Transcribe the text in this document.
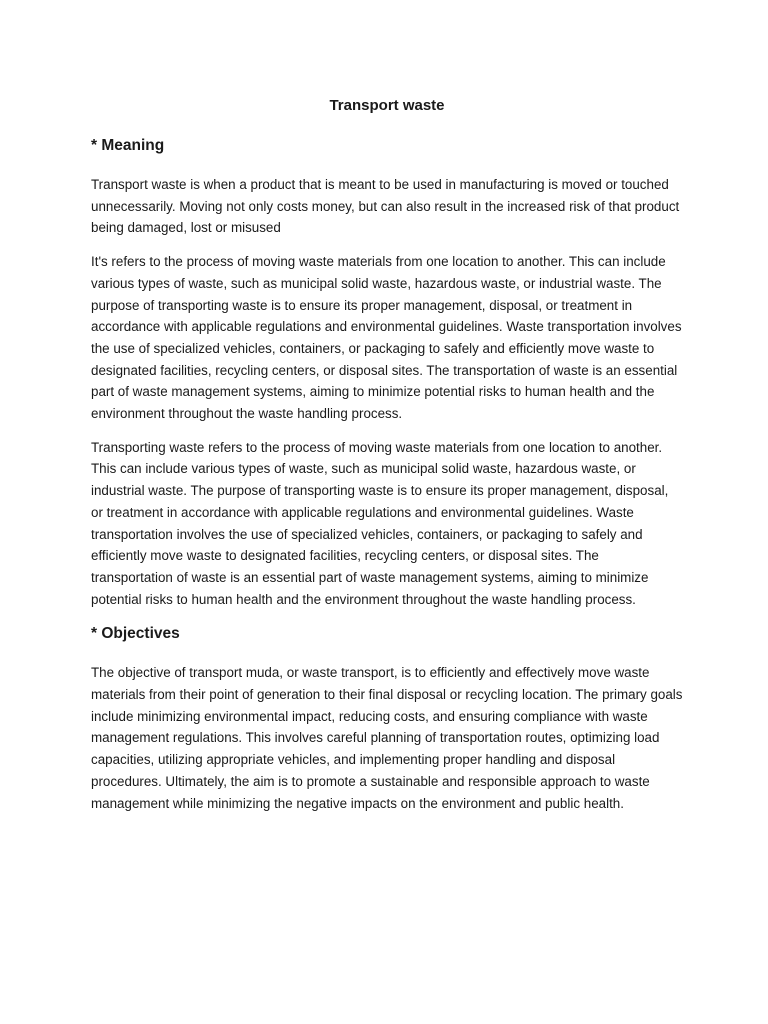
Transport waste
* Meaning

Transport waste is when a product that is meant to be used in manufacturing is moved or touched unnecessarily. Moving not only costs money, but can also result in the increased risk of that product being damaged, lost or misused

It's refers to the process of moving waste materials from one location to another. This can include various types of waste, such as municipal solid waste, hazardous waste, or industrial waste. The purpose of transporting waste is to ensure its proper management, disposal, or treatment in accordance with applicable regulations and environmental guidelines. Waste transportation involves the use of specialized vehicles, containers, or packaging to safely and efficiently move waste to designated facilities, recycling centers, or disposal sites. The transportation of waste is an essential part of waste management systems, aiming to minimize potential risks to human health and the environment throughout the waste handling process.

Transporting waste refers to the process of moving waste materials from one location to another. This can include various types of waste, such as municipal solid waste, hazardous waste, or industrial waste. The purpose of transporting waste is to ensure its proper management, disposal, or treatment in accordance with applicable regulations and environmental guidelines. Waste transportation involves the use of specialized vehicles, containers, or packaging to safely and efficiently move waste to designated facilities, recycling centers, or disposal sites. The transportation of waste is an essential part of waste management systems, aiming to minimize potential risks to human health and the environment throughout the waste handling process.

* Objectives

The objective of transport muda, or waste transport, is to efficiently and effectively move waste materials from their point of generation to their final disposal or recycling location. The primary goals include minimizing environmental impact, reducing costs, and ensuring compliance with waste management regulations. This involves careful planning of transportation routes, optimizing load capacities, utilizing appropriate vehicles, and implementing proper handling and disposal procedures. Ultimately, the aim is to promote a sustainable and responsible approach to waste management while minimizing the negative impacts on the environment and public health.
